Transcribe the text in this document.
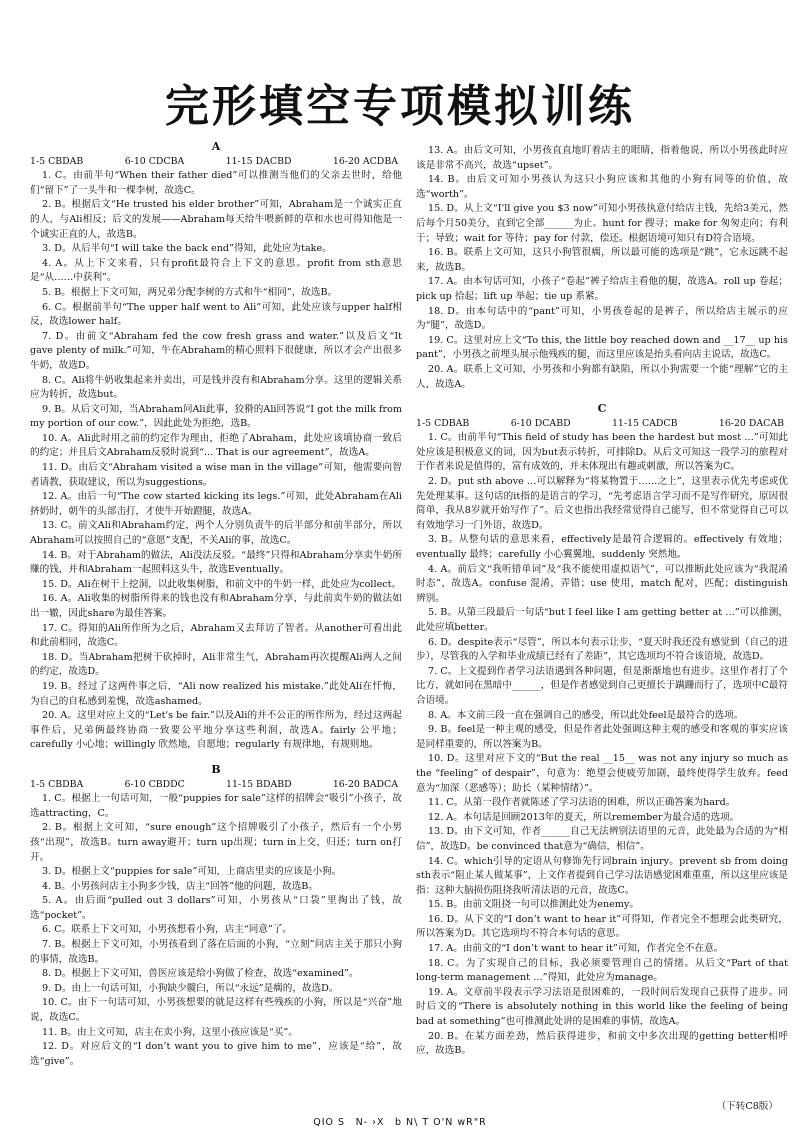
完形填空专项模拟训练
A
1-5 CBDAB	6-10 CDCBA	11-15 DACBD	16-20 ACDBA

1. C。由前半句“When their father died”可以推测当他们的父亲去世时，给他们“留下”了一头牛和一棵李树，故选C。

2. B。根据后文“He trusted his elder brother”可知，Abraham是一个诚实正直的人，与Ali相反；后文的发展——Abraham每天给牛喂新鲜的草和水也可得知他是一个诚实正直的人，故选B。

3. D。从后半句“I will take the back end”得知，此处应为take。

4. A。从上下文来看，只有profit最符合上下文的意思。profit from sth意思是“从……中获利”。

5. B。根据上下文可知，两兄弟分配李树的方式和牛“相同”，故选B。

6. C。根据前半句“The upper half went to Ali”可知，此处应该与upper half相反，故选lower half。

7. D。由前文“Abraham fed the cow fresh grass and water.”以及后文“It gave plenty of milk.”可知，牛在Abraham的精心照料下很健康，所以才会产出很多牛奶，故选D。

8. C。Ali将牛奶收集起来并卖出，可是钱并没有和Abraham分享。这里的逻辑关系应为转折，故选but。

9. B。从后文可知，当Abraham问Ali此事，狡猾的Ali回答说“I got the milk from my portion of our cow.”，因此此处为拒绝，选B。

10. A。Ali此时用之前的约定作为理由，拒绝了Abraham，此处应该填协商一致后的约定；并且后文Abraham反驳时说到“... That is our agreement”，故选A。

11. D。由后文“Abraham visited a wise man in the village”可知，他需要向智者请教，获取建议，所以为suggestions。

12. A。由后一句“The cow started kicking its legs.”可知，此处Abraham在Ali挤奶时，朝牛的头部击打，才使牛开始蹬腿，故选A。

13. C。前文Ali和Abraham约定，两个人分别负责牛的后半部分和前半部分，所以Abraham可以按照自己的“意愿”支配，不关Ali的事，故选C。

14. B。对于Abraham的做法，Ali没法反驳。“最终”只得和Abraham分享卖牛奶所赚的钱，并和Abraham一起照料这头牛，故选Eventually。

15. D。Ali在树干上挖洞，以此收集树脂，和前文中的牛奶一样，此处应为collect。

16. A。Ali收集的树脂所得来的钱也没有和Abraham分享，与此前卖牛奶的做法如出一辙，因此share为最佳答案。

17. C。得知的Ali所作所为之后，Abraham又去拜访了智者。从another可看出此和此前相同，故选C。

18. D。当Abraham把树干砍掉时，Ali非常生气，Abraham再次提醒Ali两人之间的约定，故选D。

19. B。经过了这两件事之后，“Ali now realized his mistake.”此处Ali在忏悔，为自己的自私感到羞愧，故选ashamed。

20. A。这里对应上文的“Let's be fair.”以及Ali的并不公正的所作所为，经过这两起事件后，兄弟俩最终协商一致要公平地分享这些利润，故选A。fairly 公平地；carefully 小心地；willingly 欣然地，自愿地；regularly 有规律地，有规则地。

B
1-5 CBDBA	6-10 CBDDC	11-15 BDABD	16-20 BADCA

1. C。根据上一句话可知，一般“puppies for sale”这样的招牌会“吸引”小孩子，故选attracting，C。

2. B。根据上文可知，“sure enough”这个招牌吸引了小孩子，然后有一个小男孩“出现”，故选B。turn away避开；turn up出现；turn in上交，归还；turn on打开。

3. D。根据上文“puppies for sale”可知，上商店里卖的应该是小狗。

4. B。小男孩问店主小狗多少钱，店主“回答”他的问题，故选B。

5. A。由后面“pulled out 3 dollars”可知，小男孩从“口袋”里掏出了钱，故选“pocket”。

6. C。联系上下文可知，小男孩想看小狗，店主“同意”了。

7. B。根据上下文可知，小男孩看到了落在后面的小狗，“立刻”问店主关于那只小狗的事情，故选B。

8. D。根据上下文可知，兽医应该是给小狗做了检查，故选“examined”。

9. D。由上一句话可知，小狗缺少髋臼，所以“永远”是瘸的，故选D。

10. C。由下一句话可知，小男孩想要的就是这样有些残疾的小狗，所以是“兴奋”地说，故选C。

11. B。由上文可知，店主在卖小狗，这里小孩应该是“买”。

12. D。对应后文的“I don’t want you to give him to me”，应该是“给”，故选“give”。

13. A。由后文可知，小男孩直直地盯着店主的眼睛，指着他说，所以小男孩此时应该是非常不高兴，故选“upset”。

14. B。由后文可知小男孩认为这只小狗应该和其他的小狗有同等的价值，故选“worth”。

15. D。从上文“I'll give you $3 now”可知小男孩执意付给店主钱，先给3美元，然后每个月50美分，直到它全部______为止。hunt for 搜寻；make for 匆匆走向；有利于；导致；wait for 等待；pay for 付款，偿还。根据语境可知只有D符合语境。

16. B。联系上文可知，这只小狗管很瘸，所以最可能的选项是“跳”，它永远跳不起来，故选B。

17. A。由本句话可知，小孩子“卷起”裤子给店主看他的腿，故选A。roll up 卷起；pick up 拾起；lift up 举起；tie up 系紧。

18. D。由本句话中的“pant”可知，小男孩卷起的是裤子，所以给店主展示的应为“腿”，故选D。

19. C。这里对应上文“To this, the little boy reached down and __17__ up his pant”，小男孩之前埋头展示他残疾的腿，而这里应该是抬头看向店主说话，故选C。

20. A。联系上文可知，小男孩和小狗都有缺陷，所以小狗需要一个能“理解”它的主人，故选A。

C
1-5 CDBAB	6-10 DCABD	11-15 CADCB	16-20 DACAB

1. C。由前半句“This field of study has been the hardest but most …”可知此处应该是积极意义的词，因为but表示转折，可排除D。从后文可知这一段学习的旅程对于作者来说是值得的，富有成效的，并未体现出有趣或刺激，所以答案为C。

2. D。put sth above …可以解释为“将某物置于……之上”，这里表示优先考虑或优先处理某事。这句话的it指的是语言的学习，“先考虑语言学习而不是写作研究，原因很简单，我从8岁就开始写作了”。后文也指出我经常觉得自己能写，但不常觉得自己可以有效地学习一门外语，故选D。

3. B。从整句话的意思来看，effectively是最符合逻辑的。effectively 有效地；eventually 最终；carefully 小心翼翼地，suddenly 突然地。

4. A。前后文“我听错单词”及“我不能使用虚拟语气”，可以推断此处应该为“我混淆时态”，故选A。confuse 混淆，弄错；use 使用，match 配对，匹配；distinguish 辨别。

5. B。从第三段最后一句话“but I feel like I am getting better at …”可以推测，此处应填better。

6. D。despite表示“尽管”，所以本句表示让步，“夏天时我还没有感觉到（自己的进步），尽管我的入学和毕业成绩已经有了差距”，其它选项均不符合该语境，故选D。

7. C。上文提到作者学习法语遇到各种问题，但是渐渐地也有进步。这里作者打了个比方，就如同在黑暗中______，但是作者感觉到自己更擅长于蹒跚而行了，选项中C最符合语境。

8. A。本文前三段一直在强调自己的感受，所以此处feel是最符合的选项。

9. B。feel是一种主观的感受，但是作者此处强调这种主观的感受和客观的事实应该是同样重要的，所以答案为B。

10. D。这里对应下文的“But the real __15__ was not any injury so much as the “feeling” of despair”，句意为：绝望会使疲劳加剧，最终使得学生放弃。feed 意为“加深（恶感等）；助长（某种情绪）”。

11. C。从第一段作者就陈述了学习法语的困难，所以正确答案为hard。

12. A。本句话是回顾2013年的夏天，所以remember为最合适的选项。

13. D。由下文可知，作者______自己无法辨别法语里的元音，此处最为合适的为“相信”，故选D。be convinced that意为“确信，相信”。

14. C。which引导的定语从句修饰先行词brain injury。prevent sb from doing sth表示“阻止某人做某事”，上文作者提到自己学习法语感觉困难重重，所以这里应该是指：这种大脑损伤阻挠我听清法语的元音，故选C。

15. B。由前文阻挠一句可以推测此处为enemy。

16. D。从下文的“I don’t want to hear it”可得知，作者完全不想理会此类研究，所以答案为D。其它选项均不符合本句话的意思。

17. A。由前文的“I don’t want to hear it”可知，作者完全不在意。

18. C。为了实现自己的目标，我必须要管理自己的情绪。从后文“Part of that long-term management …”得知，此处应为manage。

19. A。文章前半段表示学习法语是很困难的，一段时间后发现自己获得了进步。同时后文的“There is absolutely nothing in this world like the feeling of being bad at something”也可推测此处讲的是困难的事情，故选A。

20. B。在某方面差劲，然后获得进步，和前文中多次出现的getting better相呼应，故选B。

（下转C8版）
QIO S　N- ›X　b N\ T O'N wR"R
